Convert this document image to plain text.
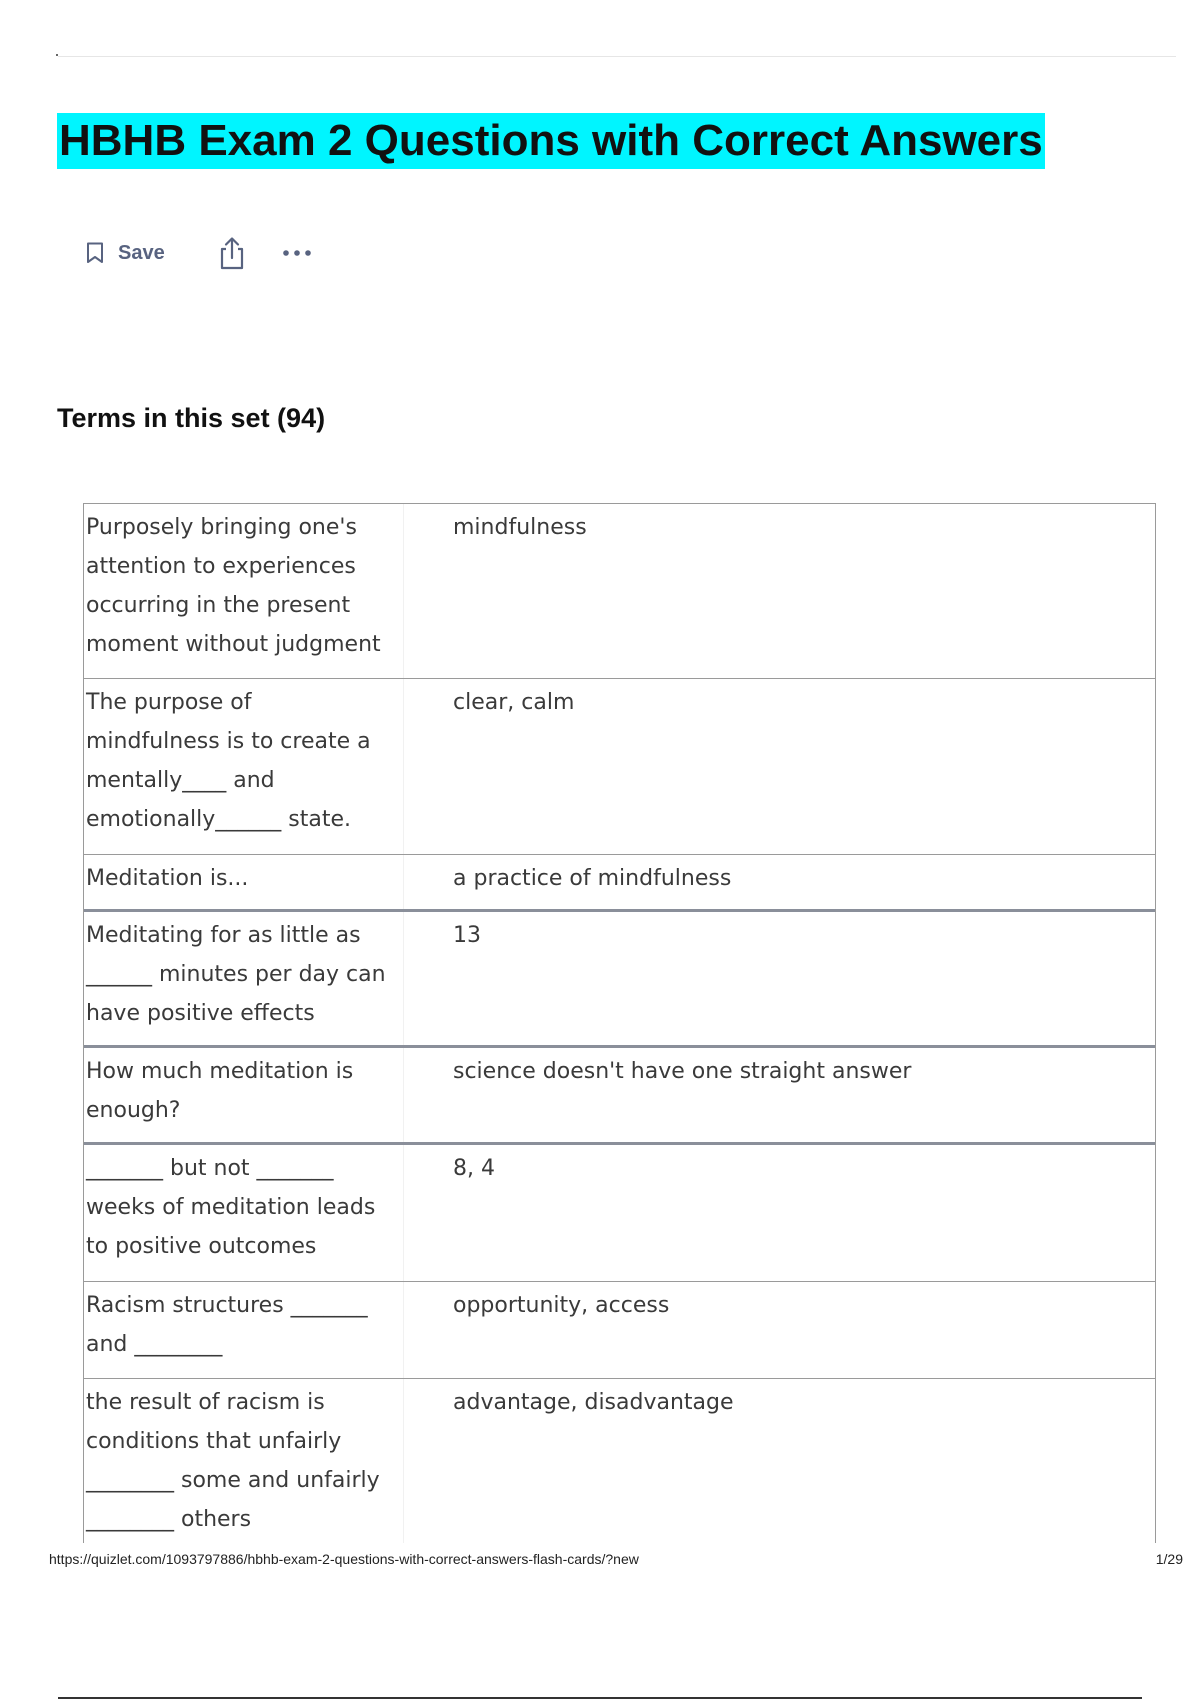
HBHB Exam 2 Questions with Correct Answers
Save
Terms in this set (94)
Purposely bringing one's
attention to experiences
occurring in the present
moment without judgment
mindfulness
The purpose of
mindfulness is to create a
mentally____ and
emotionally______ state.
clear, calm
Meditation is...	a practice of mindfulness
Meditating for as little as
______ minutes per day can
have positive effects
13
How much meditation is
enough?
science doesn't have one straight answer
_______ but not _______
weeks of meditation leads
to positive outcomes
8, 4
Racism structures _______
and ________
opportunity, access
the result of racism is
conditions that unfairly
________ some and unfairly
________ others
advantage, disadvantage
https://quizlet.com/1093797886/hbhb-exam-2-questions-with-correct-answers-flash-cards/?new	1/29
